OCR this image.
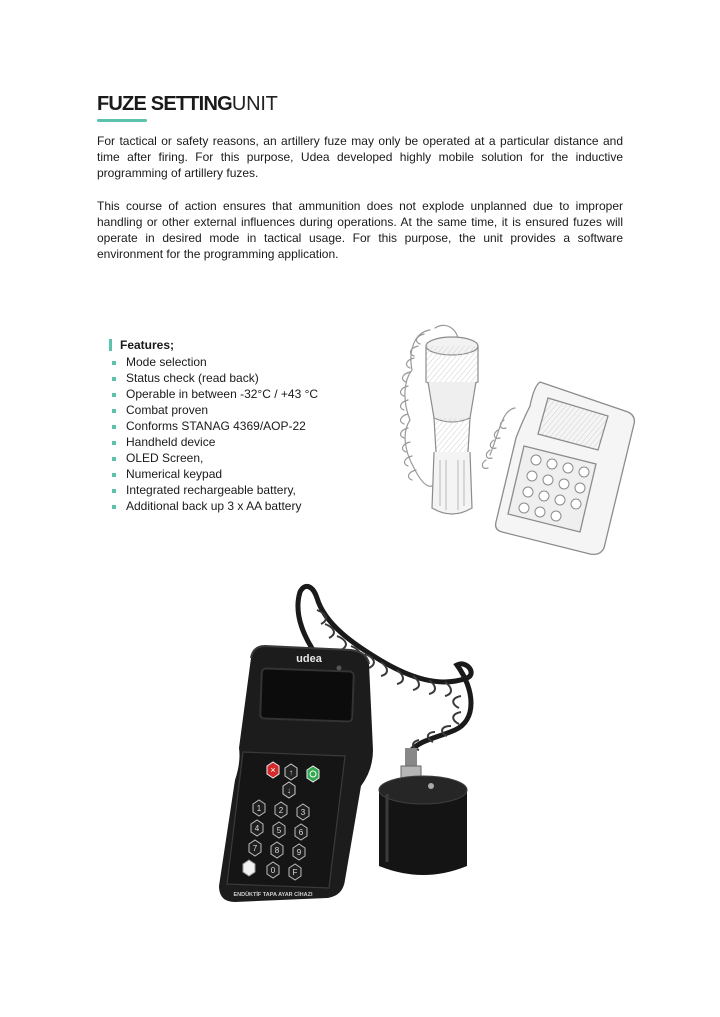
FUZE SETTINGUNIT

For tactical or safety reasons, an artillery fuze may only be operated at a particular distance and time after firing. For this purpose, Udea developed highly mobile solution for the inductive programming of artillery fuzes.

This course of action ensures that ammunition does not explode unplanned due to improper handling or other external influences during operations. At the same time, it is ensured fuzes will operate in desired mode in tactical usage. For this purpose, the unit provides a software environment for the programming application.

Features;
Mode selection
Status check (read back)
Operable in between -32°C / +43 °C
Combat proven
Conforms STANAG 4369/AOP-22
Handheld device
OLED Screen,
Numerical keypad
Integrated rechargeable battery,
Additional back up 3 x AA battery
udea
× ↑
↓
1 2 3
4 5 6
7 8 9
0 F
ENDÜKTİF TAPA AYAR CİHAZI
